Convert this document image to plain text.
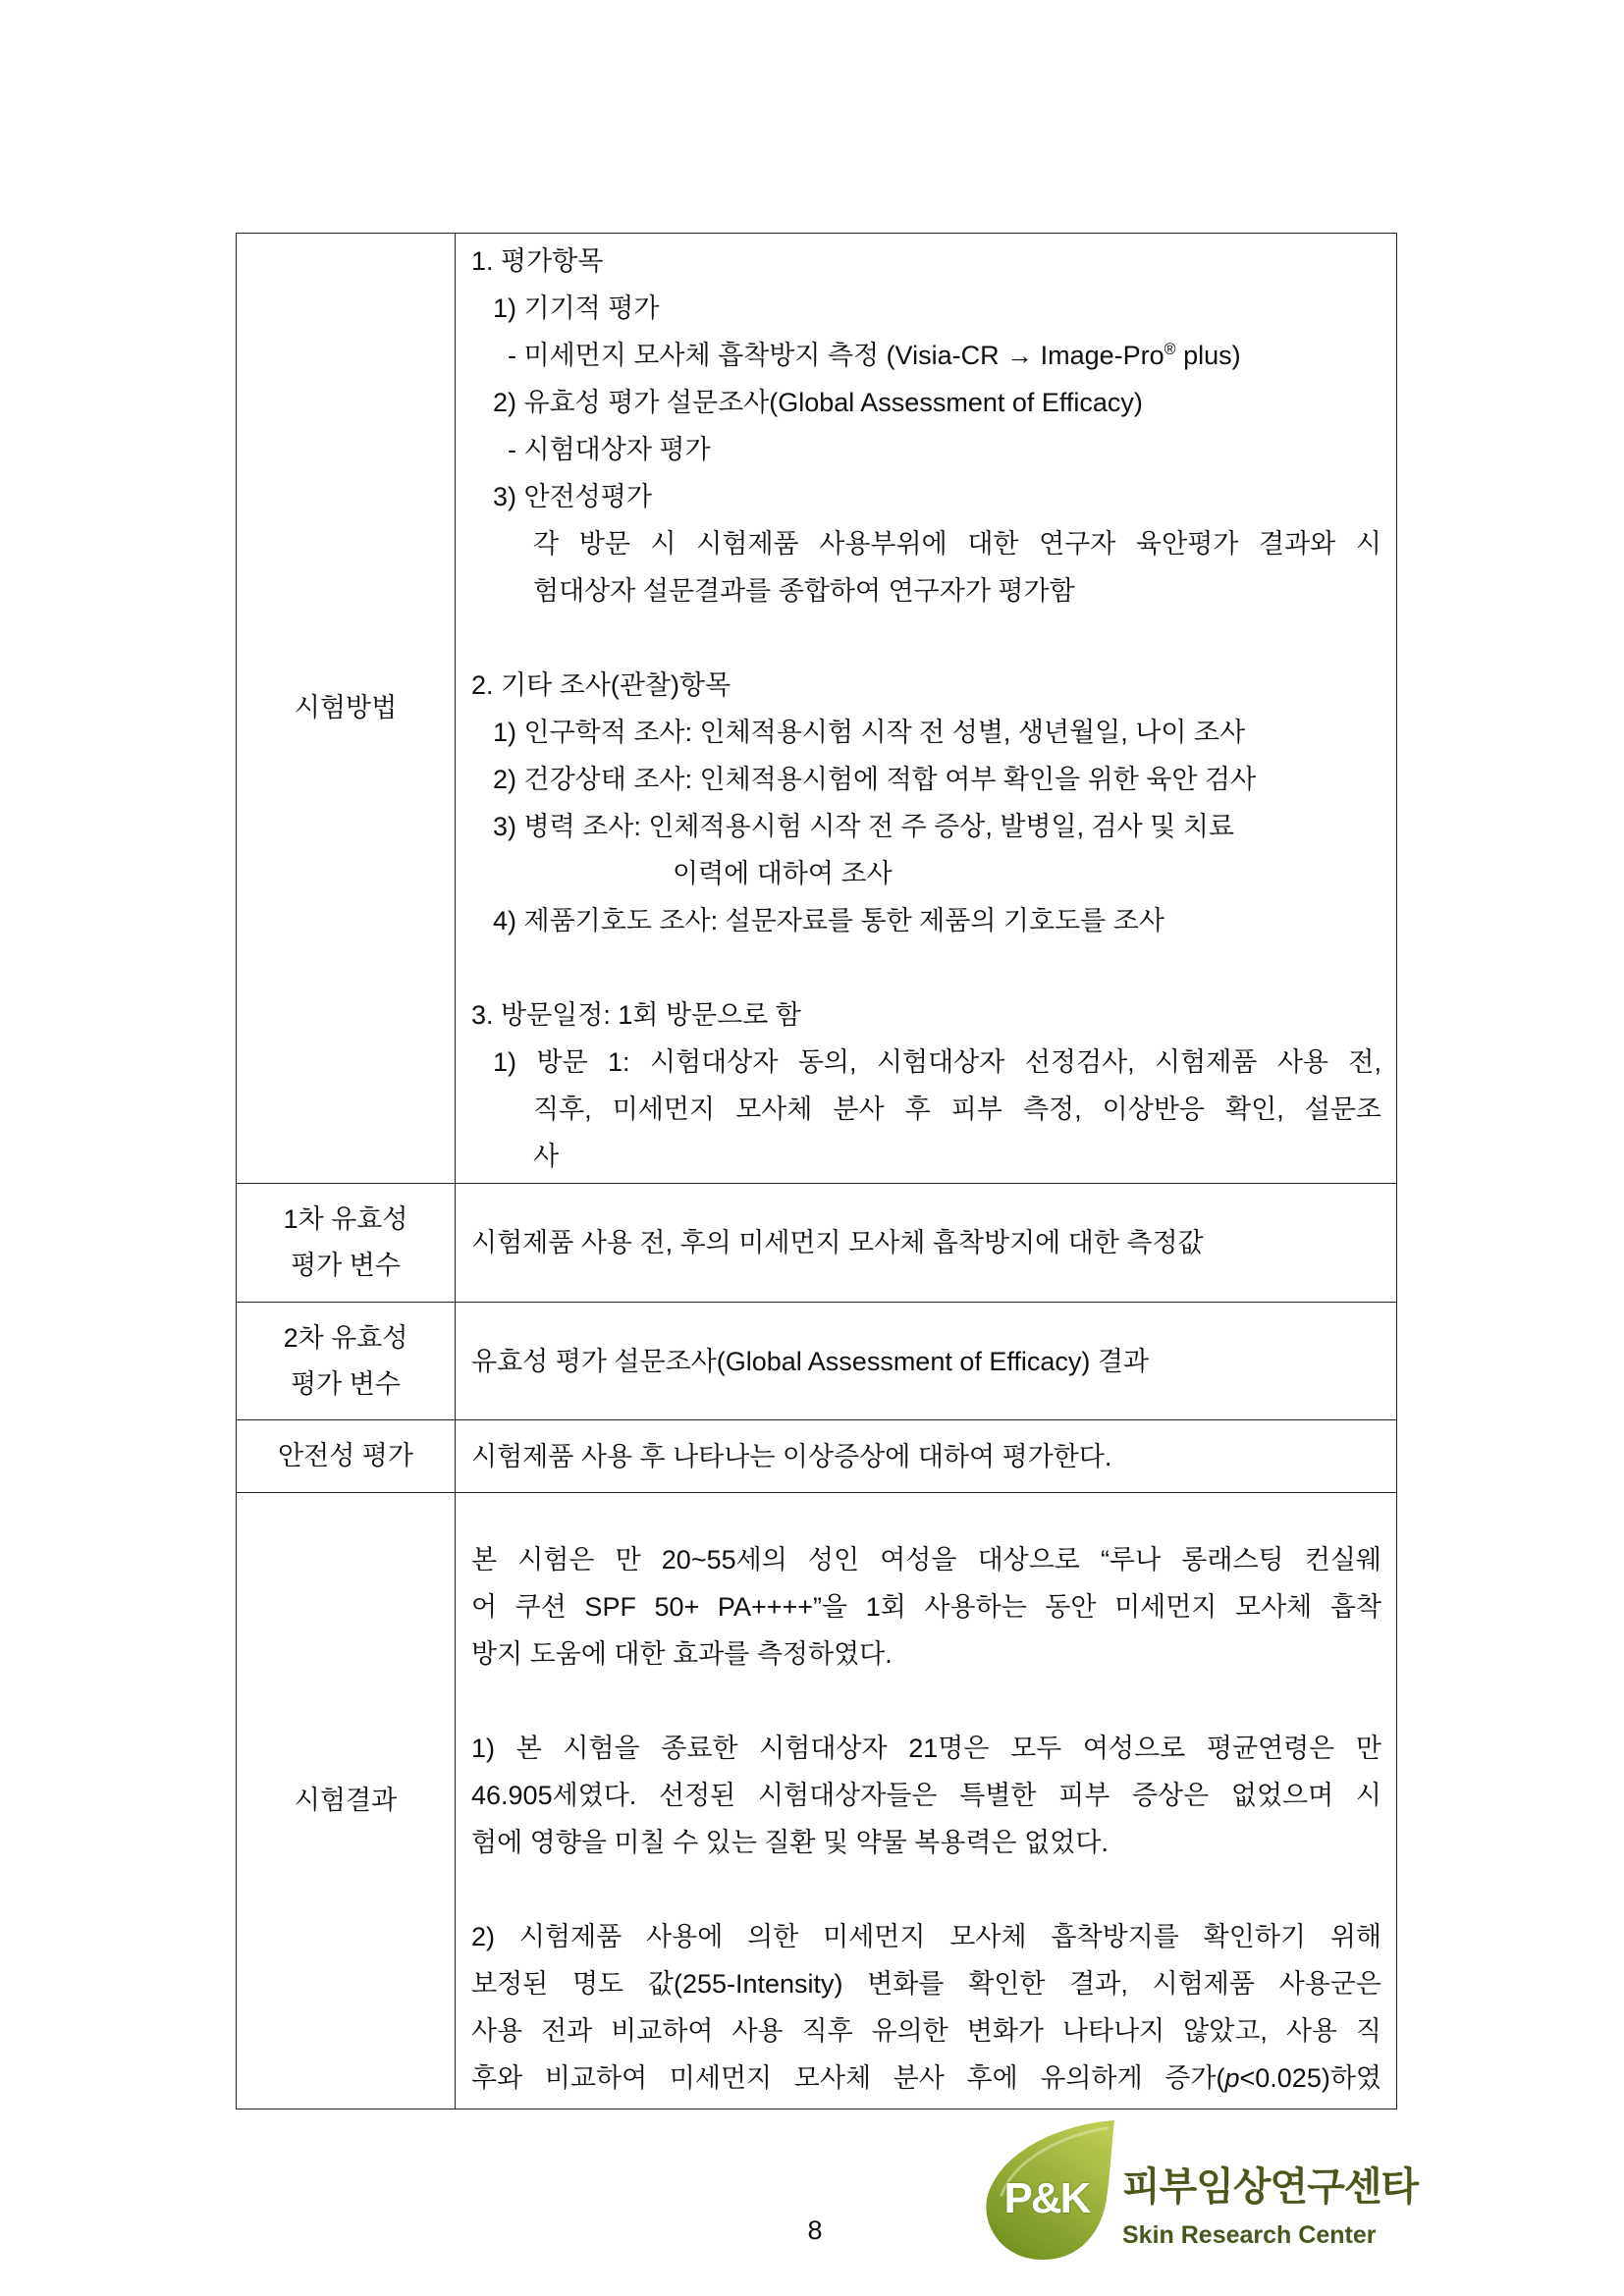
시험방법
1. 평가항목
1) 기기적 평가
- 미세먼지 모사체 흡착방지 측정 (Visia-CR → Image-Pro® plus)
2) 유효성 평가 설문조사(Global Assessment of Efficacy)
- 시험대상자 평가
3) 안전성평가
각 방문 시 시험제품 사용부위에 대한 연구자 육안평가 결과와 시
험대상자 설문결과를 종합하여 연구자가 평가함
2. 기타 조사(관찰)항목
1) 인구학적 조사: 인체적용시험 시작 전 성별, 생년월일, 나이 조사
2) 건강상태 조사: 인체적용시험에 적합 여부 확인을 위한 육안 검사
3) 병력 조사: 인체적용시험 시작 전 주 증상, 발병일, 검사 및 치료
이력에 대하여 조사
4) 제품기호도 조사: 설문자료를 통한 제품의 기호도를 조사
3. 방문일정: 1회 방문으로 함
1) 방문 1: 시험대상자 동의, 시험대상자 선정검사, 시험제품 사용 전,
직후, 미세먼지 모사체 분사 후 피부 측정, 이상반응 확인, 설문조
사
1차 유효성
평가 변수
시험제품 사용 전, 후의 미세먼지 모사체 흡착방지에 대한 측정값
2차 유효성
평가 변수
유효성 평가 설문조사(Global Assessment of Efficacy) 결과
안전성 평가 시험제품 사용 후 나타나는 이상증상에 대하여 평가한다.
시험결과
본 시험은 만 20~55세의 성인 여성을 대상으로 “루나 롱래스팅 컨실웨
어 쿠션 SPF 50+ PA++++”을 1회 사용하는 동안 미세먼지 모사체 흡착
방지 도움에 대한 효과를 측정하였다.
1) 본 시험을 종료한 시험대상자 21명은 모두 여성으로 평균연령은 만
46.905세였다. 선정된 시험대상자들은 특별한 피부 증상은 없었으며 시
험에 영향을 미칠 수 있는 질환 및 약물 복용력은 없었다.
2) 시험제품 사용에 의한 미세먼지 모사체 흡착방지를 확인하기 위해
보정된 명도 값(255-Intensity) 변화를 확인한 결과, 시험제품 사용군은
사용 전과 비교하여 사용 직후 유의한 변화가 나타나지 않았고, 사용 직
후와 비교하여 미세먼지 모사체 분사 후에 유의하게 증가(p<0.025)하였
8
P&K 피부임상연구센타
Skin Research Center
